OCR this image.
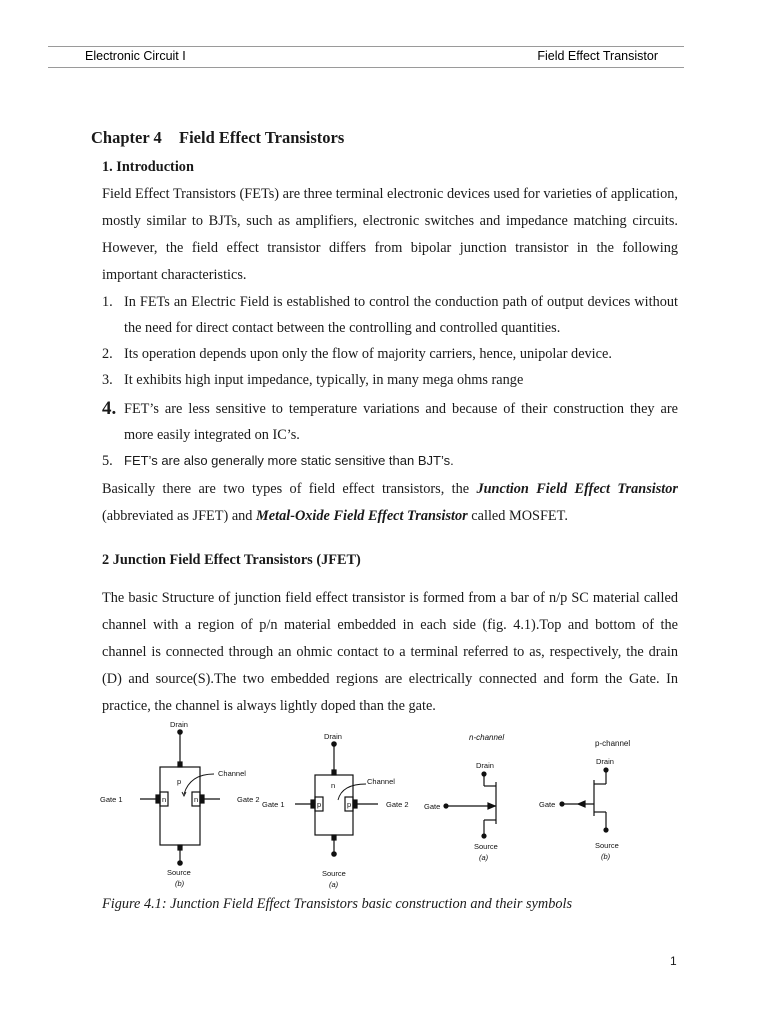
Electronic Circuit I	Field Effect Transistor

Chapter 4 Field Effect Transistors

1. Introduction

Field Effect Transistors (FETs) are three terminal electronic devices used for varieties of application, mostly similar to BJTs, such as amplifiers, electronic switches and impedance matching circuits. However, the field effect transistor differs from bipolar junction transistor in the following important characteristics.

1. In FETs an Electric Field is established to control the conduction path of output devices without the need for direct contact between the controlling and controlled quantities.
2. Its operation depends upon only the flow of majority carriers, hence, unipolar device.
3. It exhibits high input impedance, typically, in many mega ohms range
4. FET’s are less sensitive to temperature variations and because of their construction they are more easily integrated on IC’s.
5. FET’s are also generally more static sensitive than BJT’s.

Basically there are two types of field effect transistors, the Junction Field Effect Transistor (abbreviated as JFET) and Metal-Oxide Field Effect Transistor called MOSFET.

2 Junction Field Effect Transistors (JFET)

The basic Structure of junction field effect transistor is formed from a bar of n/p SC material called channel with a region of p/n material embedded in each side (fig. 4.1).Top and bottom of the channel is connected through an ohmic contact to a terminal referred to as, respectively, the drain (D) and source(S).The two embedded regions are electrically connected and form the Gate. In practice, the channel is always lightly doped than the gate.

Drain
Channel
Gate 1	Gate 2
p
n	n
Source
(b)
Drain
Channel
Gate 1	Gate 2
n
p	p
Source
(a)
n-channel
Drain
Gate
Source
(a)
p-channel
Drain
Gate
Source
(b)
Figure 4.1: Junction Field Effect Transistors basic construction and their symbols
1
